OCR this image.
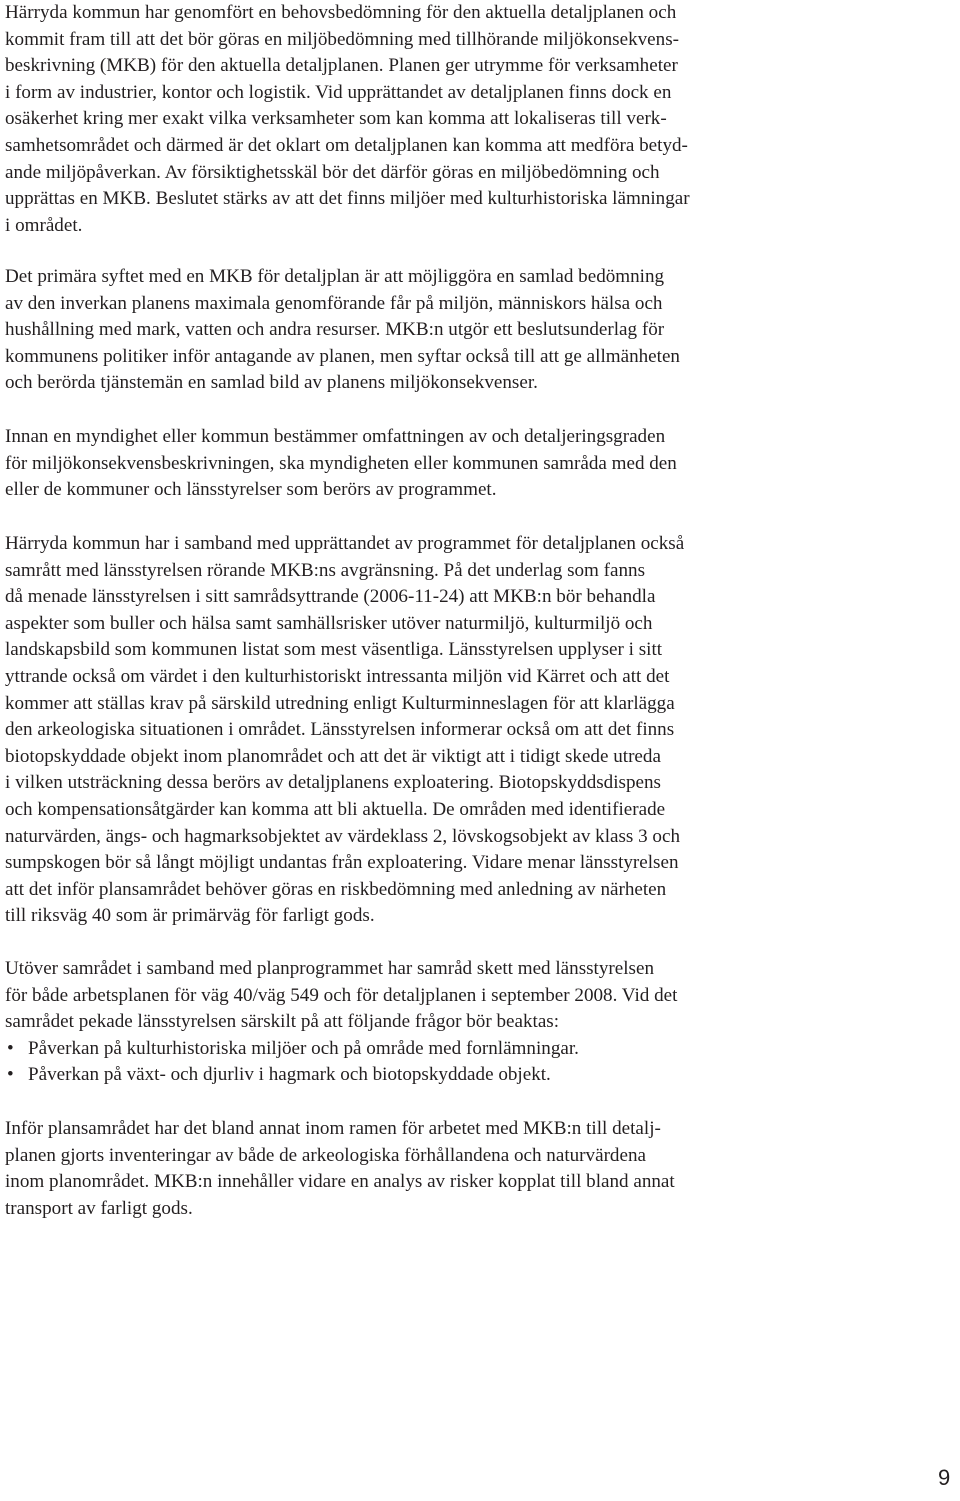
Härryda kommun har genomfört en behovsbedömning för den aktuella detaljplanen och
kommit fram till att det bör göras en miljöbedömning med tillhörande miljökonsekvens-
beskrivning (MKB) för den aktuella detaljplanen. Planen ger utrymme för verksamheter
i form av industrier, kontor och logistik. Vid upprättandet av detaljplanen finns dock en
osäkerhet kring mer exakt vilka verksamheter som kan komma att lokaliseras till verk-
samhetsområdet och därmed är det oklart om detaljplanen kan komma att medföra betyd-
ande miljöpåverkan. Av försiktighetsskäl bör det därför göras en miljöbedömning och
upprättas en MKB. Beslutet stärks av att det finns miljöer med kulturhistoriska lämningar
i området.

Det primära syftet med en MKB för detaljplan är att möjliggöra en samlad bedömning
av den inverkan planens maximala genomförande får på miljön, människors hälsa och
hushållning med mark, vatten och andra resurser. MKB:n utgör ett beslutsunderlag för
kommunens politiker inför antagande av planen, men syftar också till att ge allmänheten
och berörda tjänstemän en samlad bild av planens miljökonsekvenser.

Innan en myndighet eller kommun bestämmer omfattningen av och detaljeringsgraden
för miljökonsekvensbeskrivningen, ska myndigheten eller kommunen samråda med den
eller de kommuner och länsstyrelser som berörs av programmet.

Härryda kommun har i samband med upprättandet av programmet för detaljplanen också
samrått med länsstyrelsen rörande MKB:ns avgränsning. På det underlag som fanns
då menade länsstyrelsen i sitt samrådsyttrande (2006-11-24) att MKB:n bör behandla
aspekter som buller och hälsa samt samhällsrisker utöver naturmiljö, kulturmiljö och
landskapsbild som kommunen listat som mest väsentliga. Länsstyrelsen upplyser i sitt
yttrande också om värdet i den kulturhistoriskt intressanta miljön vid Kärret och att det
kommer att ställas krav på särskild utredning enligt Kulturminneslagen för att klarlägga
den arkeologiska situationen i området. Länsstyrelsen informerar också om att det finns
biotopskyddade objekt inom planområdet och att det är viktigt att i tidigt skede utreda
i vilken utsträckning dessa berörs av detaljplanens exploatering. Biotopskyddsdispens
och kompensationsåtgärder kan komma att bli aktuella. De områden med identifierade
naturvärden, ängs- och hagmarksobjektet av värdeklass 2, lövskogsobjekt av klass 3 och
sumpskogen bör så långt möjligt undantas från exploatering. Vidare menar länsstyrelsen
att det inför plansamrådet behöver göras en riskbedömning med anledning av närheten
till riksväg 40 som är primärväg för farligt gods.

Utöver samrådet i samband med planprogrammet har samråd skett med länsstyrelsen
för både arbetsplanen för väg 40/väg 549 och för detaljplanen i september 2008. Vid det
samrådet pekade länsstyrelsen särskilt på att följande frågor bör beaktas:
• Påverkan på kulturhistoriska miljöer och på område med fornlämningar.
• Påverkan på växt- och djurliv i hagmark och biotopskyddade objekt.

Inför plansamrådet har det bland annat inom ramen för arbetet med MKB:n till detalj-
planen gjorts inventeringar av både de arkeologiska förhållandena och naturvärdena
inom planområdet. MKB:n innehåller vidare en analys av risker kopplat till bland annat
transport av farligt gods.

9
